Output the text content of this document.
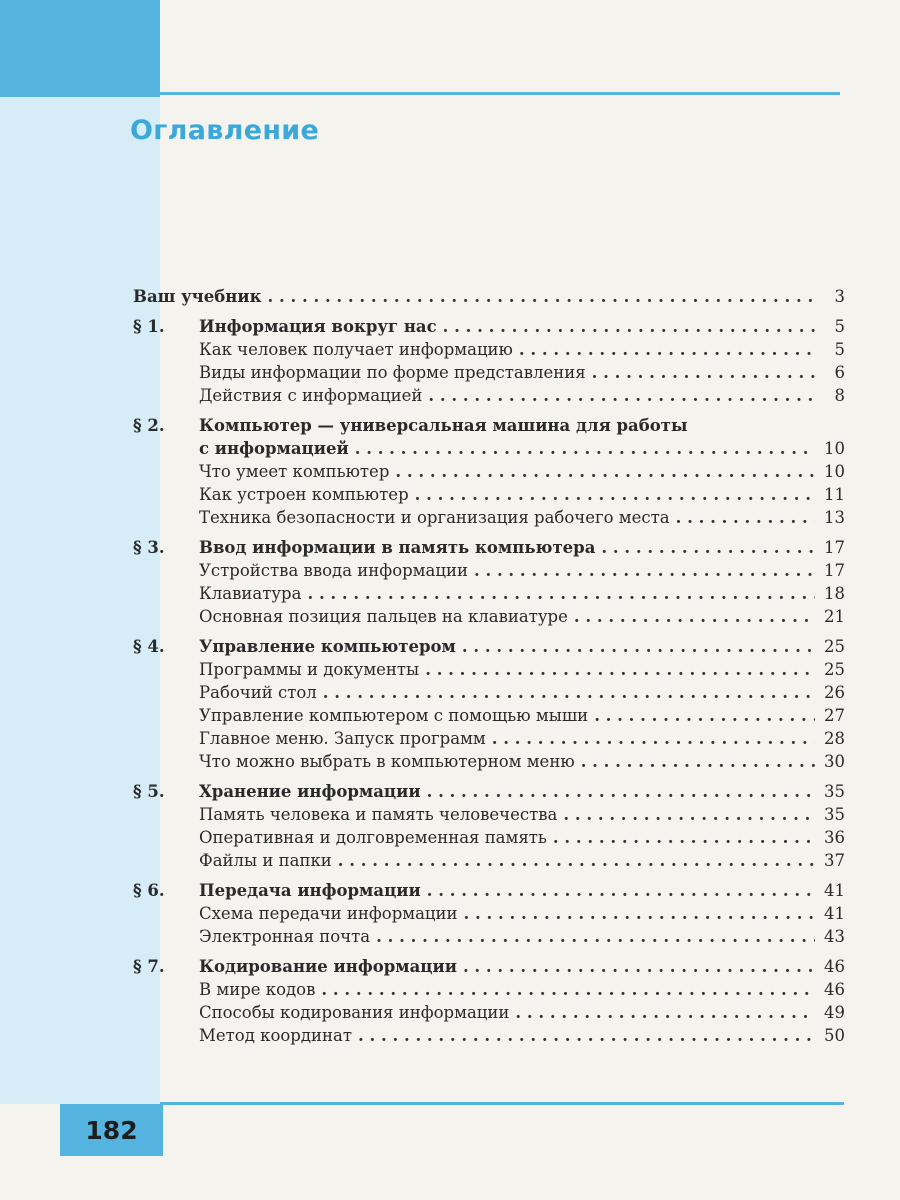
Оглавление
Ваш учебник . . .	3
§ 1.	Информация вокруг нас . . .	5
Как человек получает информацию . . .	5
Виды информации по форме представления . . .	6
Действия с информацией . . .	8
§ 2. Компьютер — универсальная машина для работы
с информацией . . .	10
Что умеет компьютер . . .	10
Как устроен компьютер . . .	11
Техника безопасности и организация рабочего места . . .	13
§ 3.	Ввод информации в память компьютера . . .	17
Устройства ввода информации . . .	17
Клавиатура . . .	18
Основная позиция пальцев на клавиатуре . . .	21
§ 4.	Управление компьютером . . .	25
Программы и документы . . .	25
Рабочий стол . . .	26
Управление компьютером с помощью мыши . . .	27
Главное меню. Запуск программ . . .	28
Что можно выбрать в компьютерном меню . . .	30
§ 5.	Хранение информации . . .	35
Память человека и память человечества . . .	35
Оперативная и долговременная память . . .	36
Файлы и папки . . .	37
§ 6.	Передача информации . . .	41
Схема передачи информации . . .	41
Электронная почта . . .	43
§ 7.	Кодирование информации . . .	46
В мире кодов . . .	46
Способы кодирования информации . . .	49
Метод координат . . .	50
182
